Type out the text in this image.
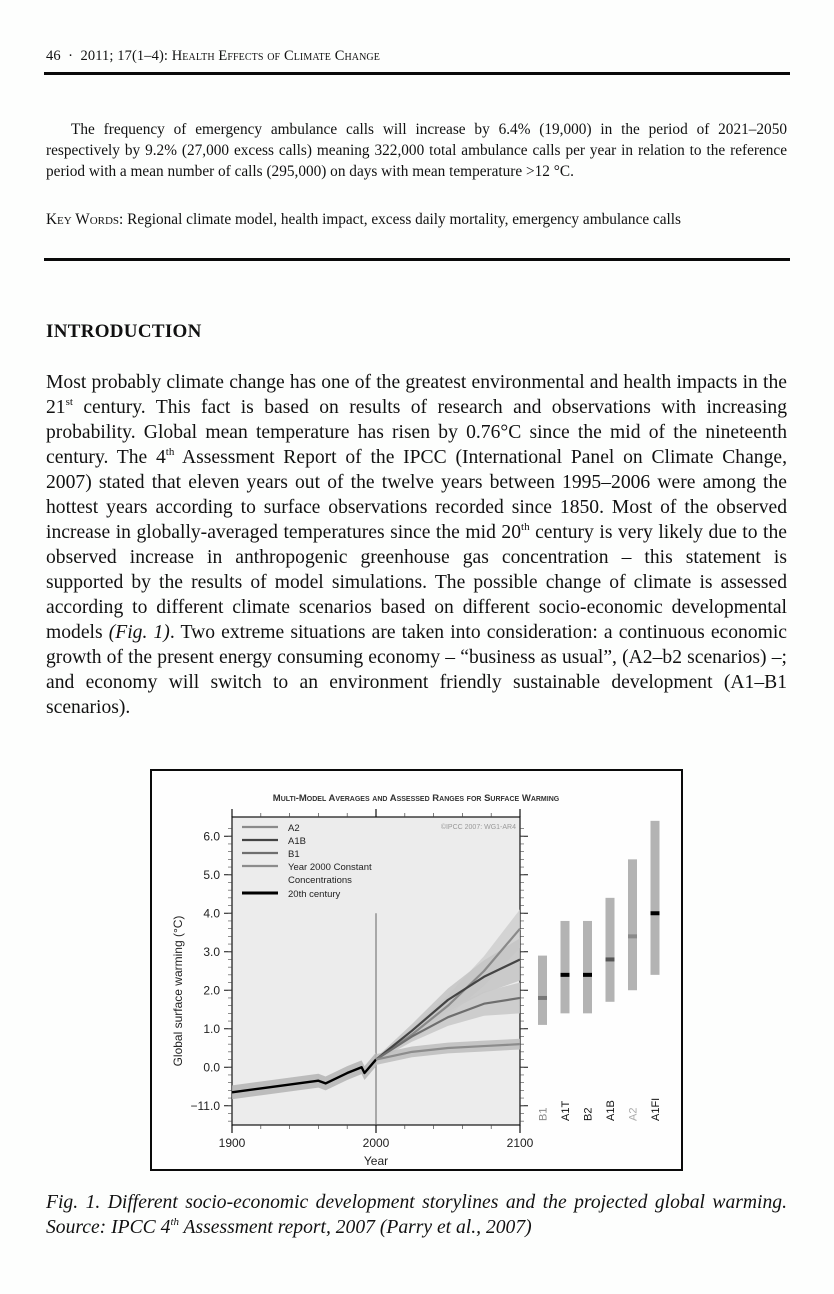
46 · 2011; 17(1–4): Health Effects of Climate Change

The frequency of emergency ambulance calls will increase by 6.4% (19,000) in the period of 2021–2050 respectively by 9.2% (27,000 excess calls) meaning 322,000 total ambulance calls per year in relation to the reference period with a mean number of calls (295,000) on days with mean temperature >12 °C.

Key Words: Regional climate model, health impact, excess daily mortality, emergency ambulance calls

INTRODUCTION

Most probably climate change has one of the greatest environmental and health impacts in the 21st century. This fact is based on results of research and observations with increasing probability. Global mean temperature has risen by 0.76°C since the mid of the nineteenth century. The 4th Assessment Report of the IPCC (International Panel on Climate Change, 2007) stated that eleven years out of the twelve years between 1995–2006 were among the hottest years according to surface observations recorded since 1850. Most of the observed increase in globally-averaged temperatures since the mid 20th century is very likely due to the observed increase in anthropogenic greenhouse gas concentration – this statement is supported by the results of model simulations. The possible change of climate is assessed according to different climate scenarios based on different socio-economic developmental models (Fig. 1). Two extreme situations are taken into consideration: a continuous economic growth of the present energy consuming economy – “business as usual”, (A2–b2 scenarios) –; and economy will switch to an environment friendly sustainable development (A1–B1 scenarios).

Multi-Model Averages and Assessed Ranges for Surface Warming
©IPCC 2007: WG1-AR4
−11.0
0.0
1.0
2.0
3.0
4.0
5.0
6.0
1900	2000	2100
Year
Global surface warming (°C)
A2
A1B
B1
Year 2000 Constant
Concentrations
20th century
B1 A1T B2 A1B A2 A1FI

Fig. 1. Different socio-economic development storylines and the projected global warming. Source: IPCC 4th Assessment report, 2007 (Parry et al., 2007)
